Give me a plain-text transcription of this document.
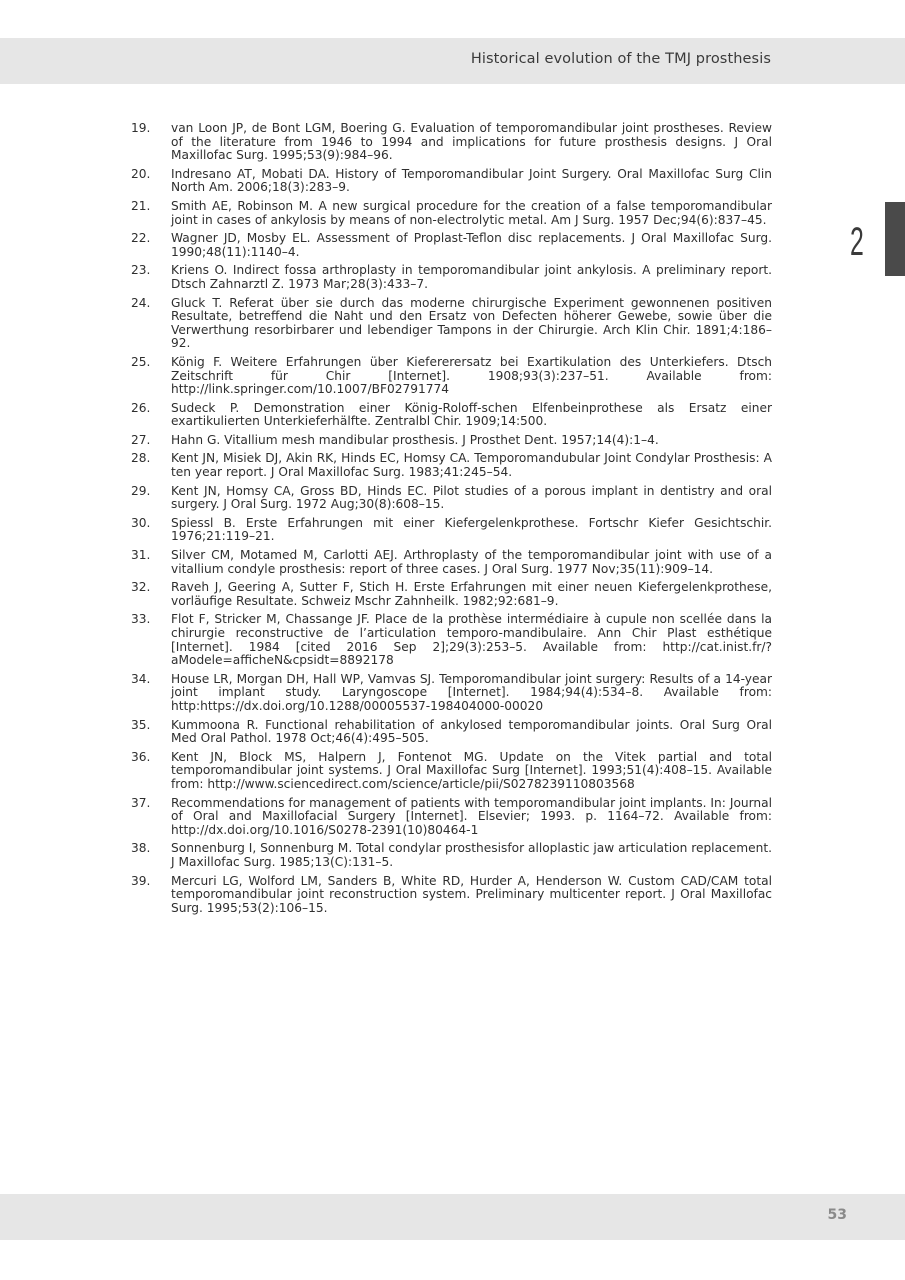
Historical evolution of the TMJ prosthesis
2
19.	van Loon JP, de Bont LGM, Boering G. Evaluation of temporomandibular joint prostheses. Review of the literature from 1946 to 1994 and implications for future prosthesis designs. J Oral Maxillofac Surg. 1995;53(9):984–96.
20.	Indresano AT, Mobati DA. History of Temporomandibular Joint Surgery. Oral Maxillofac Surg Clin North Am. 2006;18(3):283–9.
21.	Smith AE, Robinson M. A new surgical procedure for the creation of a false temporomandibular joint in cases of ankylosis by means of non-electrolytic metal. Am J Surg. 1957 Dec;94(6):837–45.
22.	Wagner JD, Mosby EL. Assessment of Proplast-Teflon disc replacements. J Oral Maxillofac Surg. 1990;48(11):1140–4.
23.	Kriens O. Indirect fossa arthroplasty in temporomandibular joint ankylosis. A preliminary report. Dtsch Zahnarztl Z. 1973 Mar;28(3):433–7.
24.	Gluck T. Referat über sie durch das moderne chirurgische Experiment gewonnenen positiven Resultate, betreffend die Naht und den Ersatz von Defecten höherer Gewebe, sowie über die Verwerthung resorbirbarer und lebendiger Tampons in der Chirurgie. Arch Klin Chir. 1891;4:186–92.
25.	König F. Weitere Erfahrungen über Kiefererersatz bei Exartikulation des Unterkiefers. Dtsch Zeitschrift für Chir [Internet]. 1908;93(3):237–51. Available from: http://link.springer.com/10.1007/BF02791774
26.	Sudeck P. Demonstration einer König-Roloff-schen Elfenbeinprothese als Ersatz einer exartikulierten Unterkieferhälfte. Zentralbl Chir. 1909;14:500.
27.	Hahn G. Vitallium mesh mandibular prosthesis. J Prosthet Dent. 1957;14(4):1–4.
28.	Kent JN, Misiek DJ, Akin RK, Hinds EC, Homsy CA. Temporomandubular Joint Condylar Prosthesis: A ten year report. J Oral Maxillofac Surg. 1983;41:245–54.
29.	Kent JN, Homsy CA, Gross BD, Hinds EC. Pilot studies of a porous implant in dentistry and oral surgery. J Oral Surg. 1972 Aug;30(8):608–15.
30.	Spiessl B. Erste Erfahrungen mit einer Kiefergelenkprothese. Fortschr Kiefer Gesichtschir. 1976;21:119–21.
31.	Silver CM, Motamed M, Carlotti AEJ. Arthroplasty of the temporomandibular joint with use of a vitallium condyle prosthesis: report of three cases. J Oral Surg. 1977 Nov;35(11):909–14.
32.	Raveh J, Geering A, Sutter F, Stich H. Erste Erfahrungen mit einer neuen Kiefergelenkprothese, vorläufige Resultate. Schweiz Mschr Zahnheilk. 1982;92:681–9.
33.	Flot F, Stricker M, Chassange JF. Place de la prothèse intermédiaire à cupule non scellée dans la chirurgie reconstructive de l’articulation temporo-mandibulaire. Ann Chir Plast esthétique [Internet]. 1984 [cited 2016 Sep 2];29(3):253–5. Available from: http://cat.inist.fr/?aModele=afficheN&cpsidt=8892178
34.	House LR, Morgan DH, Hall WP, Vamvas SJ. Temporomandibular joint surgery: Results of a 14-year joint implant study. Laryngoscope [Internet]. 1984;94(4):534–8. Available from: http:https://dx.doi.org/10.1288/00005537-198404000-00020
35.	Kummoona R. Functional rehabilitation of ankylosed temporomandibular joints. Oral Surg Oral Med Oral Pathol. 1978 Oct;46(4):495–505.
36.	Kent JN, Block MS, Halpern J, Fontenot MG. Update on the Vitek partial and total temporomandibular joint systems. J Oral Maxillofac Surg [Internet]. 1993;51(4):408–15. Available from: http://www.sciencedirect.com/science/article/pii/S0278239110803568
37.	Recommendations for management of patients with temporomandibular joint implants. In: Journal of Oral and Maxillofacial Surgery [Internet]. Elsevier; 1993. p. 1164–72. Available from: http://dx.doi.org/10.1016/S0278-2391(10)80464-1
38.	Sonnenburg I, Sonnenburg M. Total condylar prosthesisfor alloplastic jaw articulation replacement. J Maxillofac Surg. 1985;13(C):131–5.
39.	Mercuri LG, Wolford LM, Sanders B, White RD, Hurder A, Henderson W. Custom CAD/CAM total temporomandibular joint reconstruction system. Preliminary multicenter report. J Oral Maxillofac Surg. 1995;53(2):106–15.
53
